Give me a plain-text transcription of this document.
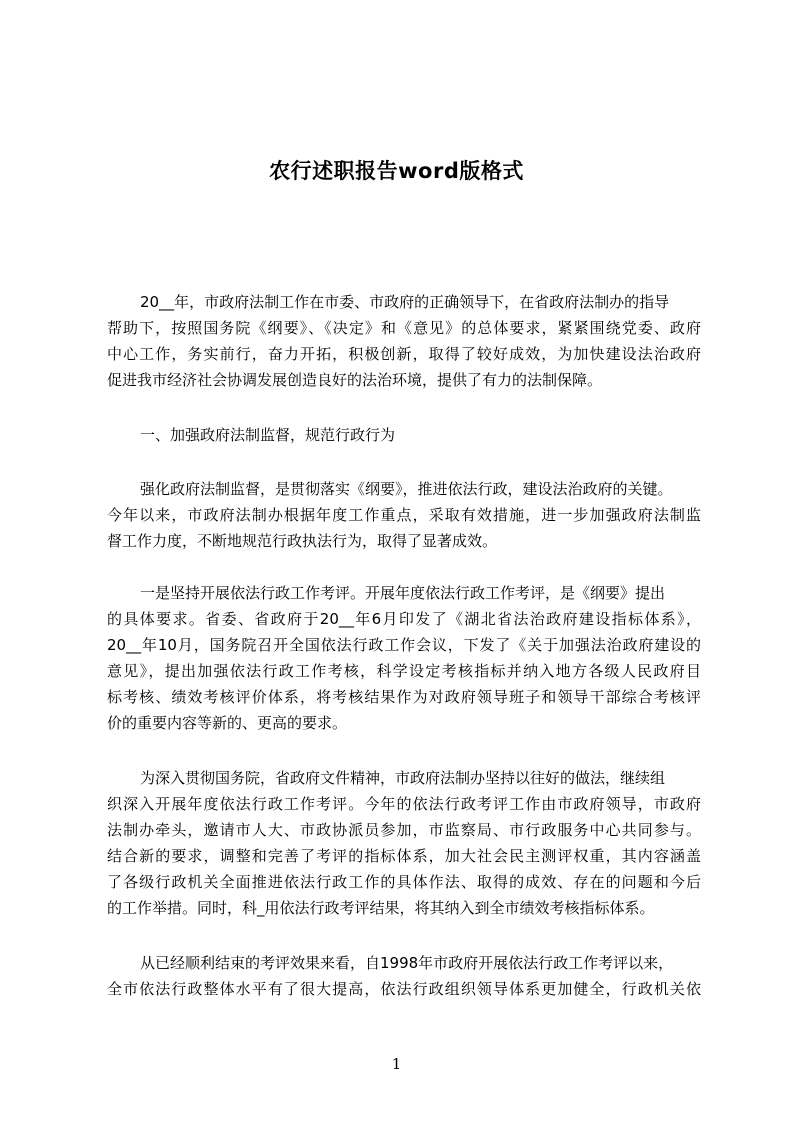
农行述职报告word版格式

20__年，市政府法制工作在市委、市政府的正确领导下，在省政府法制办的指导

帮助下，按照国务院《纲要》、《决定》和《意见》的总体要求，紧紧围绕党委、政府

中心工作，务实前行，奋力开拓，积极创新，取得了较好成效，为加快建设法治政府

促进我市经济社会协调发展创造良好的法治环境，提供了有力的法制保障。

一、加强政府法制监督，规范行政行为

强化政府法制监督，是贯彻落实《纲要》，推进依法行政，建设法治政府的关键。

今年以来，市政府法制办根据年度工作重点，采取有效措施，进一步加强政府法制监

督工作力度，不断地规范行政执法行为，取得了显著成效。

一是坚持开展依法行政工作考评。开展年度依法行政工作考评，是《纲要》提出

的具体要求。省委、省政府于20__年6月印发了《湖北省法治政府建设指标体系》，

20__年10月，国务院召开全国依法行政工作会议，下发了《关于加强法治政府建设的

意见》，提出加强依法行政工作考核，科学设定考核指标并纳入地方各级人民政府目

标考核、绩效考核评价体系，将考核结果作为对政府领导班子和领导干部综合考核评

价的重要内容等新的、更高的要求。

为深入贯彻国务院，省政府文件精神，市政府法制办坚持以往好的做法，继续组

织深入开展年度依法行政工作考评。今年的依法行政考评工作由市政府领导，市政府

法制办牵头，邀请市人大、市政协派员参加，市监察局、市行政服务中心共同参与。

结合新的要求，调整和完善了考评的指标体系，加大社会民主测评权重，其内容涵盖

了各级行政机关全面推进依法行政工作的具体作法、取得的成效、存在的问题和今后

的工作举措。同时，科_用依法行政考评结果，将其纳入到全市绩效考核指标体系。

从已经顺利结束的考评效果来看，自1998年市政府开展依法行政工作考评以来，

全市依法行政整体水平有了很大提高，依法行政组织领导体系更加健全，行政机关依

1
